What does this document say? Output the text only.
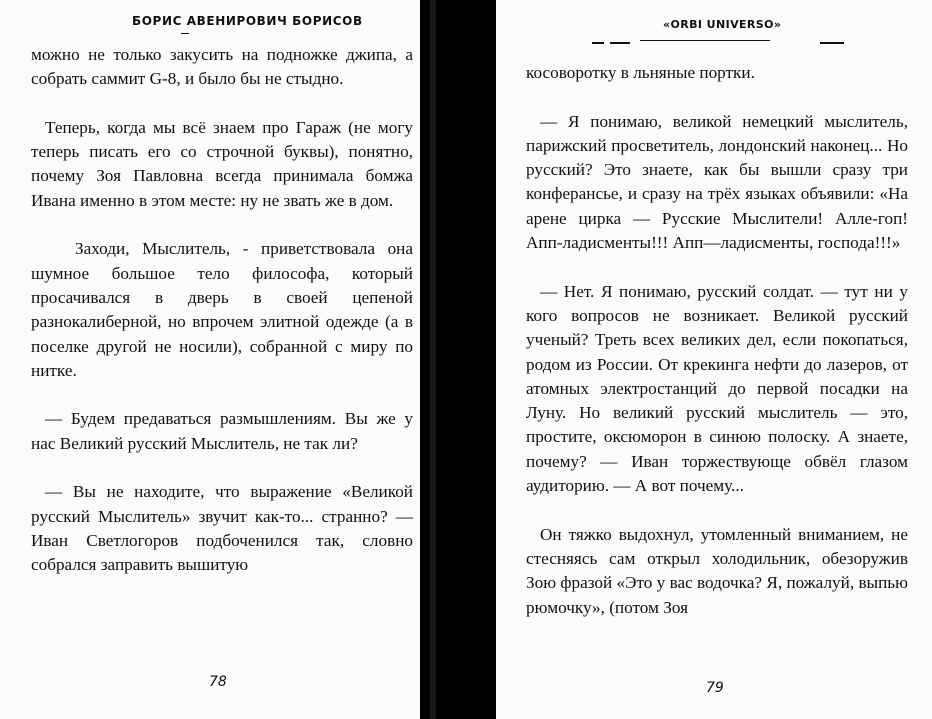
БОРИС АВЕНИРОВИЧ БОРИСОВ

можно не только закусить на подножке джипа, а собрать саммит G-8, и было бы не стыдно.

Теперь, когда мы всё знаем про Гараж (не могу теперь писать его со строчной буквы), понятно, почему Зоя Павловна всегда принимала бомжа Ивана именно в этом месте: ну не звать же в дом.

Заходи, Мыслитель, - приветствовала она шумное большое тело философа, который просачивался в дверь в своей цепеной разнокалиберной, но впрочем элитной одежде (а в поселке другой не носили), собранной с миру по нитке.

— Будем предаваться размышлениям. Вы же у нас Великий русский Мыслитель, не так ли?

— Вы не находите, что выражение «Великой русский Мыслитель» звучит как-то... странно? — Иван Светлогоров подбоченился так, словно собрался заправить вышитую

78
«ORBI UNIVERSO»

косоворотку в льняные портки.

— Я понимаю, великой немецкий мыслитель, парижский просветитель, лондонский наконец... Но русский? Это знаете, как бы вышли сразу три конферансье, и сразу на трёх языках объявили: «На арене цирка — Русские Мыслители! Алле-гоп! Апп-ладисменты!!! Апп—ладисменты, господа!!!»

— Нет. Я понимаю, русский солдат. — тут ни у кого вопросов не возникает. Великой русский ученый? Треть всех великих дел, если покопаться, родом из России. От крекинга нефти до лазеров, от атомных электростанций до первой посадки на Луну. Но великий русский мыслитель — это, простите, оксюморон в синюю полоску. А знаете, почему? — Иван торжествующе обвёл глазом аудиторию. — А вот почему...

Он тяжко выдохнул, утомленный вниманием, не стесняясь сам открыл холодильник, обезоружив Зою фразой «Это у вас водочка? Я, пожалуй, выпью рюмочку», (потом Зоя

79
